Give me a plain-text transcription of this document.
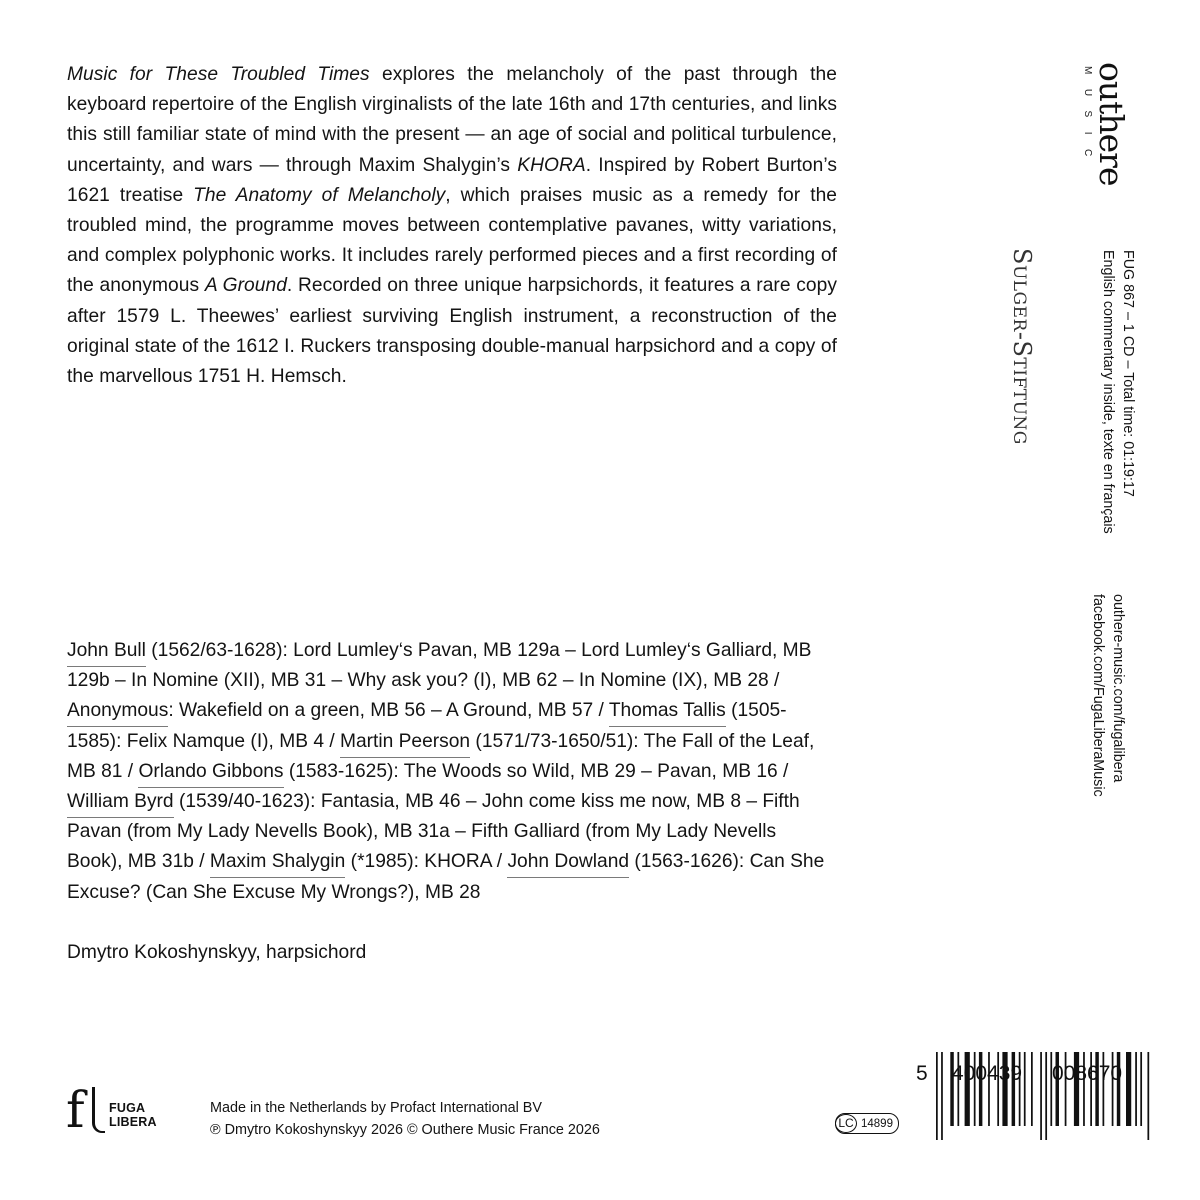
Music for These Troubled Times explores the melancholy of the past through the keyboard repertoire of the English virginalists of the late 16th and 17th centuries, and links this still familiar state of mind with the present — an age of social and political turbulence, uncertainty, and wars — through Maxim Shalygin’s KHORA. Inspired by Robert Burton’s 1621 treatise The Anatomy of Melancholy, which praises music as a remedy for the troubled mind, the programme moves between contemplative pavanes, witty variations, and complex polyphonic works. It includes rarely performed pieces and a first recording of the anonymous A Ground. Recorded on three unique harpsichords, it features a rare copy after 1579 L. Theewes’ earliest surviving English instrument, a reconstruction of the original state of the 1612 I. Ruckers transposing double-manual harpsichord and a copy of the marvellous 1751 H. Hemsch.
John Bull (1562/63-1628): Lord Lumley‘s Pavan, MB 129a – Lord Lumley‘s Galliard, MB 129b – In Nomine (XII), MB 31 – Why ask you? (I), MB 62 – In Nomine (IX), MB 28 / Anonymous: Wakefield on a green, MB 56 – A Ground, MB 57 / Thomas Tallis (1505-1585): Felix Namque (I), MB 4 / Martin Peerson (1571/73-1650/51): The Fall of the Leaf, MB 81 / Orlando Gibbons (1583-1625): The Woods so Wild, MB 29 – Pavan, MB 16 / William Byrd (1539/40-1623): Fantasia, MB 46 – John come kiss me now, MB 8 – Fifth Pavan (from My Lady Nevells Book), MB 31a – Fifth Galliard (from My Lady Nevells Book), MB 31b / Maxim Shalygin (*1985): KHORA / John Dowland (1563-1626): Can She Excuse? (Can She Excuse My Wrongs?), MB 28
Dmytro Kokoshynskyy, harpsichord
outhere
MUSIC
Sulger-Stiftung	FUG 867 – 1 CD – Total time: 01:19:17
English commentary inside, texte en français
outhere-music.com/fugalibera
facebook.com/FugaLiberaMusic
f FUGA
LIBERA
Made in the Netherlands by Profact International BV
℗ Dmytro Kokoshynskyy 2026 © Outhere Music France 2026	LC 14899
5 400439 008670
